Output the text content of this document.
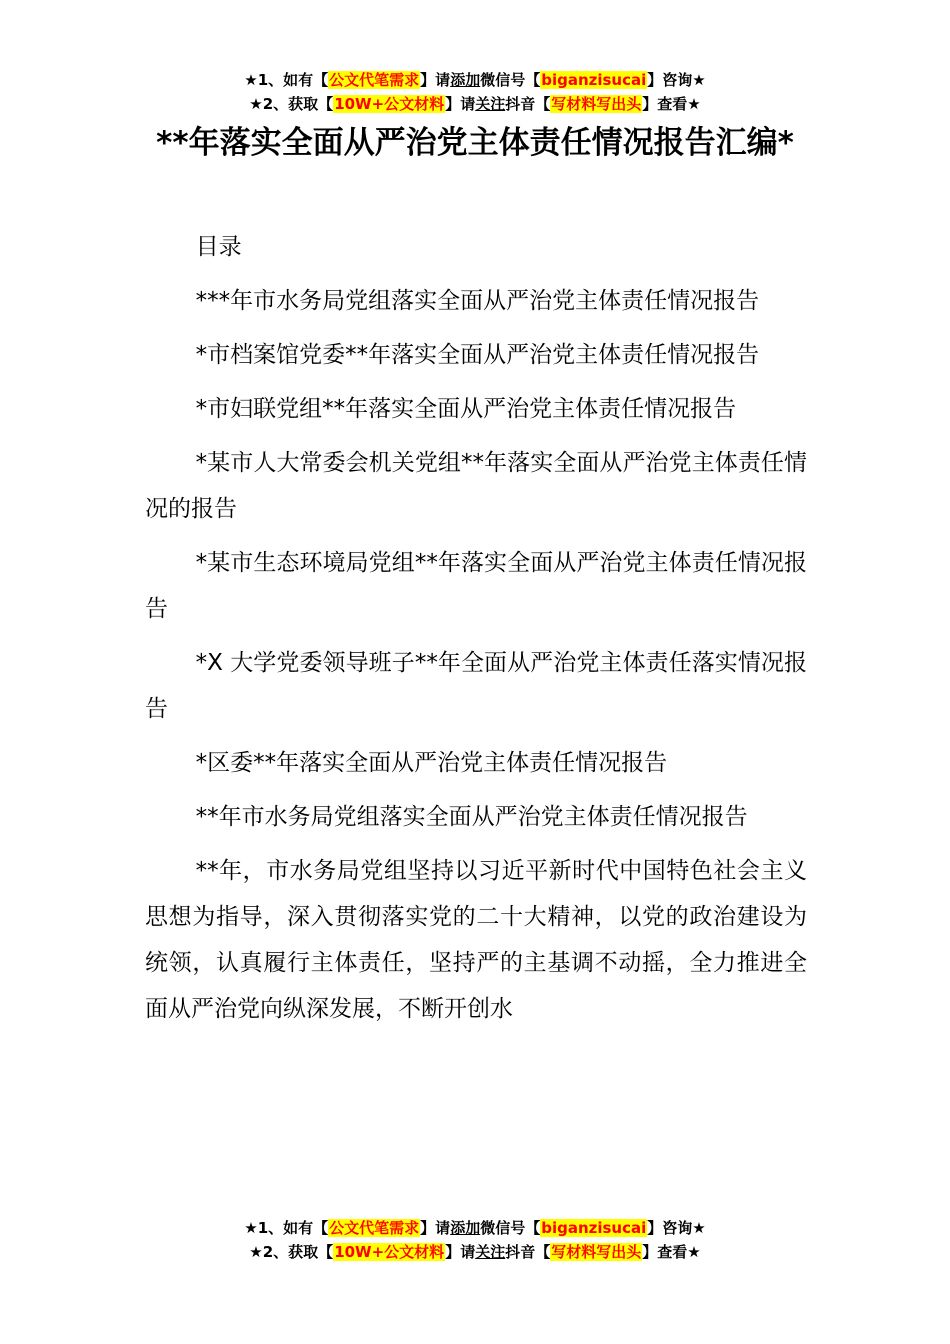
★1、如有【公文代笔需求】请添加微信号【biganzisucai】咨询★
★2、获取【10W+公文材料】请关注抖音【写材料写出头】查看★
**年落实全面从严治党主体责任情况报告汇编*

目录

***年市水务局党组落实全面从严治党主体责任情况报告

*市档案馆党委**年落实全面从严治党主体责任情况报告

*市妇联党组**年落实全面从严治党主体责任情况报告

*某市人大常委会机关党组**年落实全面从严治党主体责任情况的报告

*某市生态环境局党组**年落实全面从严治党主体责任情况报告

*X 大学党委领导班子**年全面从严治党主体责任落实情况报告

*区委**年落实全面从严治党主体责任情况报告

**年市水务局党组落实全面从严治党主体责任情况报告

**年，市水务局党组坚持以习近平新时代中国特色社会主义思想为指导，深入贯彻落实党的二十大精神，以党的政治建设为统领，认真履行主体责任，坚持严的主基调不动摇，全力推进全面从严治党向纵深发展，不断开创水

★1、如有【公文代笔需求】请添加微信号【biganzisucai】咨询★
★2、获取【10W+公文材料】请关注抖音【写材料写出头】查看★
